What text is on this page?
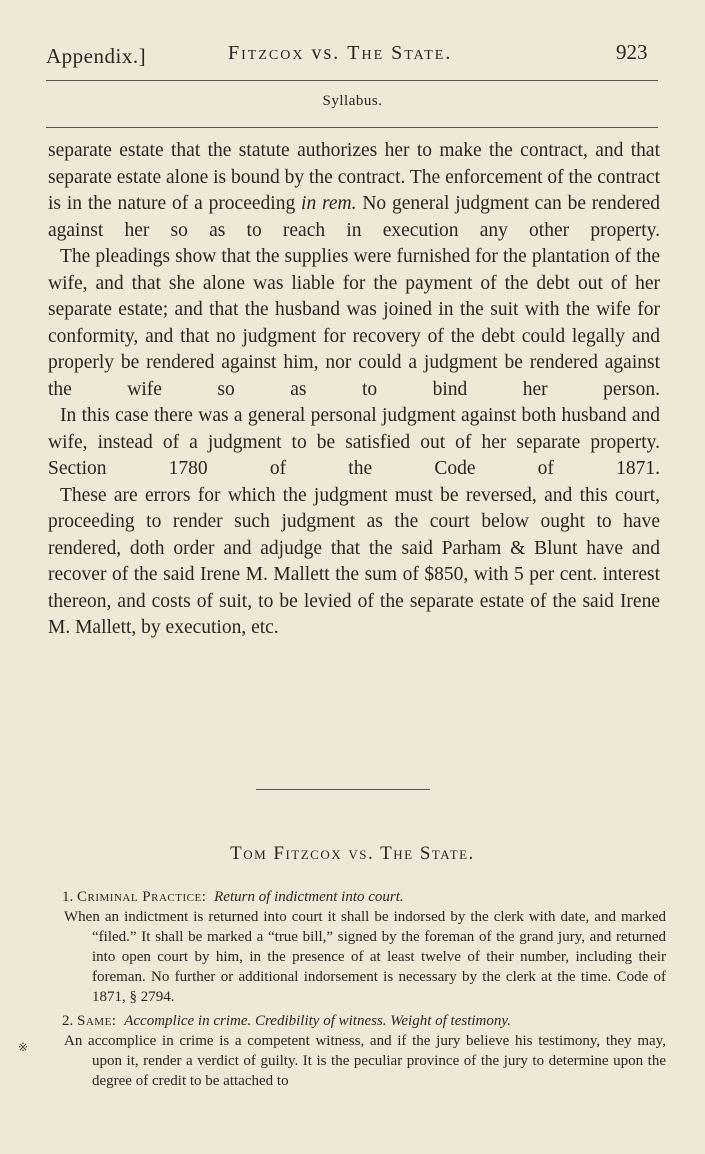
Appendix.]	Fitzcox vs. The State.	923
Syllabus.

separate estate that the statute authorizes her to make the contract, and that separate estate alone is bound by the contract. The enforcement of the contract is in the nature of a proceeding in rem. No general judgment can be rendered against her so as to reach in execution any other property.

The pleadings show that the supplies were furnished for the plantation of the wife, and that she alone was liable for the payment of the debt out of her separate estate; and that the husband was joined in the suit with the wife for conformity, and that no judgment for recovery of the debt could legally and properly be rendered against him, nor could a judgment be rendered against the wife so as to bind her person.

In this case there was a general personal judgment against both husband and wife, instead of a judgment to be satisfied out of her separate property. Section 1780 of the Code of 1871.

These are errors for which the judgment must be reversed, and this court, proceeding to render such judgment as the court below ought to have rendered, doth order and adjudge that the said Parham & Blunt have and recover of the said Irene M. Mallett the sum of $850, with 5 per cent. interest thereon, and costs of suit, to be levied of the separate estate of the said Irene M. Mallett, by execution, etc.

Tom Fitzcox vs. The State.

1. Criminal Practice: Return of indictment into court.

When an indictment is returned into court it shall be indorsed by the clerk with date, and marked “filed.” It shall be marked a “true bill,” signed by the foreman of the grand jury, and returned into open court by him, in the presence of at least twelve of their number, including their foreman. No further or additional indorsement is necessary by the clerk at the time. Code of 1871, § 2794.

2. Same: Accomplice in crime. Credibility of witness. Weight of testimony.

An accomplice in crime is a competent witness, and if the jury believe his testimony, they may, upon it, render a verdict of guilty. It is the peculiar province of the jury to determine upon the degree of credit to be attached to

※
